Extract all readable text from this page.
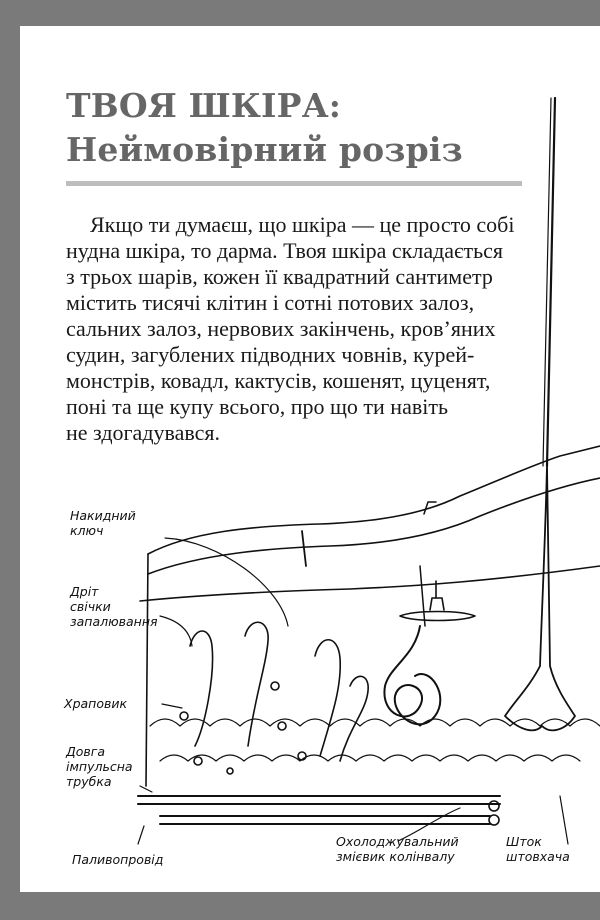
ТВОЯ ШКІРА:
Неймовірний розріз
Якщо ти думаєш, що шкіра — це просто собі
нудна шкіра, то дарма. Твоя шкіра складається
з трьох шарів, кожен її квадратний сантиметр
містить тисячі клітин і сотні потових залоз,
сальних залоз, нервових закінчень, кров’яних
судин, загублених підводних човнів, курей-
монстрів, ковадл, кактусів, кошенят, цуценят,
поні та ще купу всього, про що ти навіть
не здогадувався.
Накидний
ключ
Дріт
свічки
запалювання
Храповик
Довга
імпульсна
трубка
Паливопровід
Охолоджувальний
змієвик колінвалу
Шток
штовхача
